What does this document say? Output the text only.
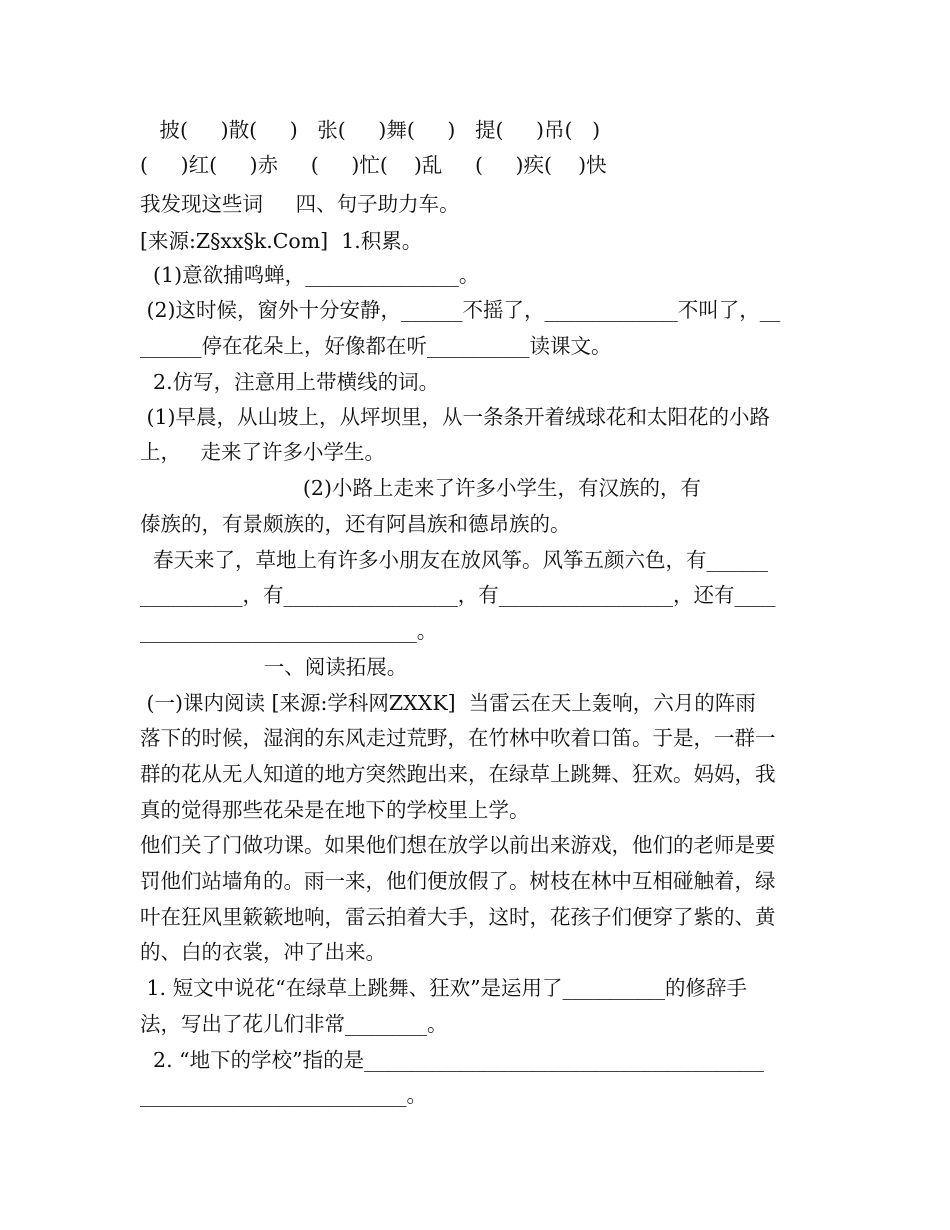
披(     )散(     )   张(     )舞(     )   提(     )吊(   )
(     )红(     )赤     (     )忙(    )乱     (     )疾(    )快
我发现这些词     四、句子助力车。
[来源:Z§xx§k.Com]  1.积累。
(1)意欲捕鸣蝉，_______________。
(2)这时候，窗外十分安静，______不摇了，_____________不叫了，__
______停在花朵上，好像都在听__________读课文。
2.仿写，注意用上带横线的词。
(1)早晨，从山坡上，从坪坝里，从一条条开着绒球花和太阳花的小路
上，   走来了许多小学生。
(2)小路上走来了许多小学生，有汉族的，有
傣族的，有景颇族的，还有阿昌族和德昂族的。
春天来了，草地上有许多小朋友在放风筝。风筝五颜六色，有______
__________，有_________________，有_________________，还有____
___________________________。
一、阅读拓展。
(一)课内阅读 [来源:学科网ZXXK]  当雷云在天上轰响，六月的阵雨
落下的时候，湿润的东风走过荒野，在竹林中吹着口笛。于是，一群一
群的花从无人知道的地方突然跑出来，在绿草上跳舞、狂欢。妈妈，我
真的觉得那些花朵是在地下的学校里上学。
他们关了门做功课。如果他们想在放学以前出来游戏，他们的老师是要
罚他们站墙角的。雨一来，他们便放假了。树枝在林中互相碰触着，绿
叶在狂风里簌簌地响，雷云拍着大手，这时，花孩子们便穿了紫的、黄
的、白的衣裳，冲了出来。
1. 短文中说花“在绿草上跳舞、狂欢”是运用了__________的修辞手
法，写出了花儿们非常________。
2. “地下的学校”指的是_______________________________________
__________________________。
